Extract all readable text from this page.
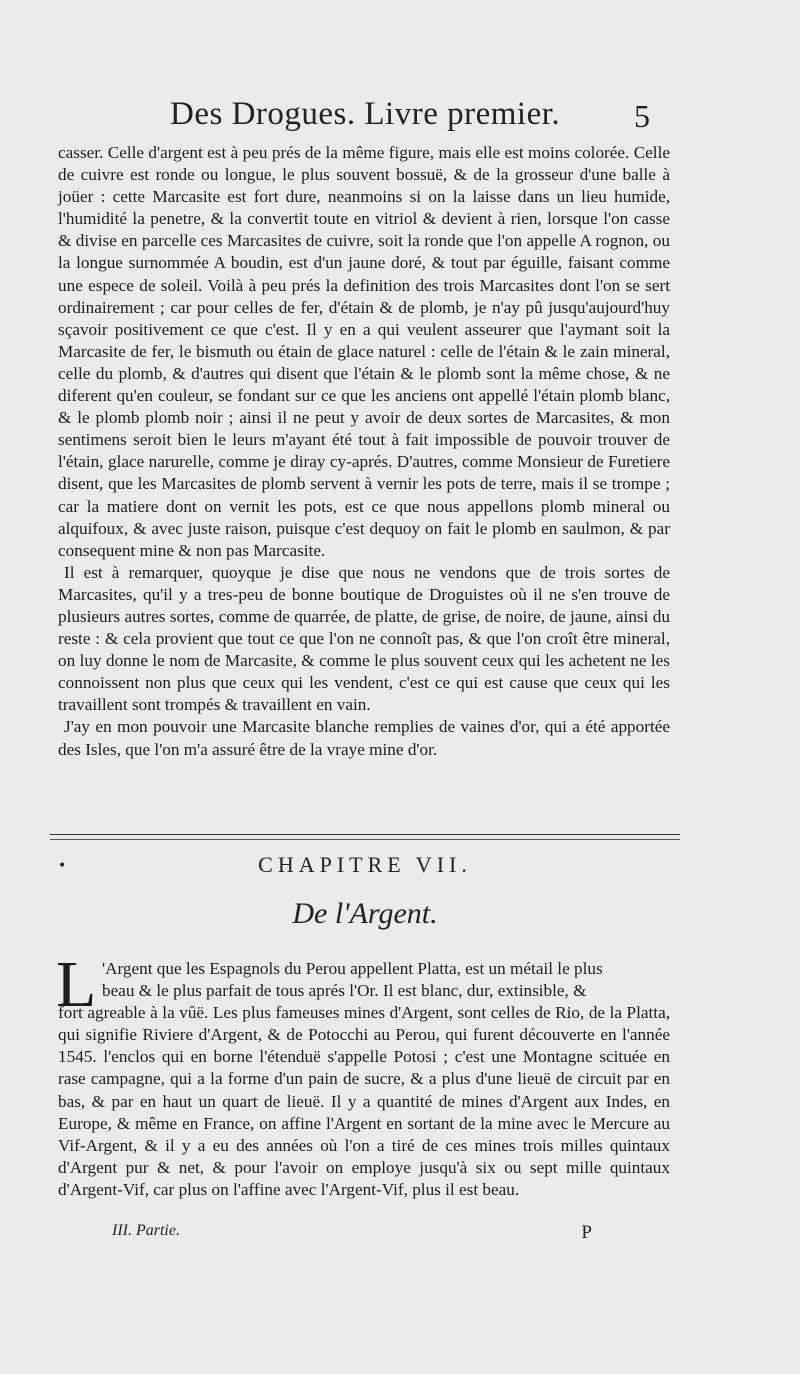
Des Drogues. Livre premier. 5

casser. Celle d'argent est à peu prés de la même figure, mais elle est moins colorée. Celle de cuivre est ronde ou longue, le plus souvent bossuë, & de la grosseur d'une balle à joüer : cette Marcasite est fort dure, neanmoins si on la laisse dans un lieu humide, l'humidité la penetre, & la convertit toute en vitriol & devient à rien, lorsque l'on casse & divise en parcelle ces Marcasites de cuivre, soit la ronde que l'on appelle A rognon, ou la longue surnommée A boudin, est d'un jaune doré, & tout par éguille, faisant comme une espece de soleil. Voilà à peu prés la definition des trois Marcasites dont l'on se sert ordinairement ; car pour celles de fer, d'étain & de plomb, je n'ay pû jusqu'aujourd'huy sçavoir positivement ce que c'est. Il y en a qui veulent asseurer que l'aymant soit la Marcasite de fer, le bismuth ou étain de glace naturel : celle de l'étain & le zain mineral, celle du plomb, & d'autres qui disent que l'étain & le plomb sont la même chose, & ne diferent qu'en couleur, se fondant sur ce que les anciens ont appellé l'étain plomb blanc, & le plomb plomb noir ; ainsi il ne peut y avoir de deux sortes de Marcasites, & mon sentimens seroit bien le leurs m'ayant été tout à fait impossible de pouvoir trouver de l'étain, glace narurelle, comme je diray cy-aprés. D'autres, comme Monsieur de Furetiere disent, que les Marcasites de plomb servent à vernir les pots de terre, mais il se trompe ; car la matiere dont on vernit les pots, est ce que nous appellons plomb mineral ou alquifoux, & avec juste raison, puisque c'est dequoy on fait le plomb en saulmon, & par consequent mine & non pas Marcasite.

Il est à remarquer, quoyque je dise que nous ne vendons que de trois sortes de Marcasites, qu'il y a tres-peu de bonne boutique de Droguistes où il ne s'en trouve de plusieurs autres sortes, comme de quarrée, de platte, de grise, de noire, de jaune, ainsi du reste : & cela provient que tout ce que l'on ne connoît pas, & que l'on croît être mineral, on luy donne le nom de Marcasite, & comme le plus souvent ceux qui les achetent ne les connoissent non plus que ceux qui les vendent, c'est ce qui est cause que ceux qui les travaillent sont trompés & travaillent en vain.

J'ay en mon pouvoir une Marcasite blanche remplies de vaines d'or, qui a été apportée des Isles, que l'on m'a assuré être de la vraye mine d'or.

•	CHAPITRE VII.
De l'Argent.
L 'Argent que les Espagnols du Perou appellent Platta, est un métail le plus
beau & le plus parfait de tous aprés l'Or. Il est blanc, dur, extinsible, &
fort agreable à la vûë. Les plus fameuses mines d'Argent, sont celles de Rio, de la Platta, qui signifie Riviere d'Argent, & de Potocchi au Perou, qui furent découverte en l'année 1545. l'enclos qui en borne l'étenduë s'appelle Potosi ; c'est une Montagne scituée en rase campagne, qui a la forme d'un pain de sucre, & a plus d'une lieuë de circuit par en bas, & par en haut un quart de lieuë. Il y a quantité de mines d'Argent aux Indes, en Europe, & même en France, on affine l'Argent en sortant de la mine avec le Mercure au Vif-Argent, & il y a eu des années où l'on a tiré de ces mines trois milles quintaux d'Argent pur & net, & pour l'avoir on employe jusqu'à six ou sept mille quintaux d'Argent-Vif, car plus on l'affine avec l'Argent-Vif, plus il est beau.

III. Partie.	P
